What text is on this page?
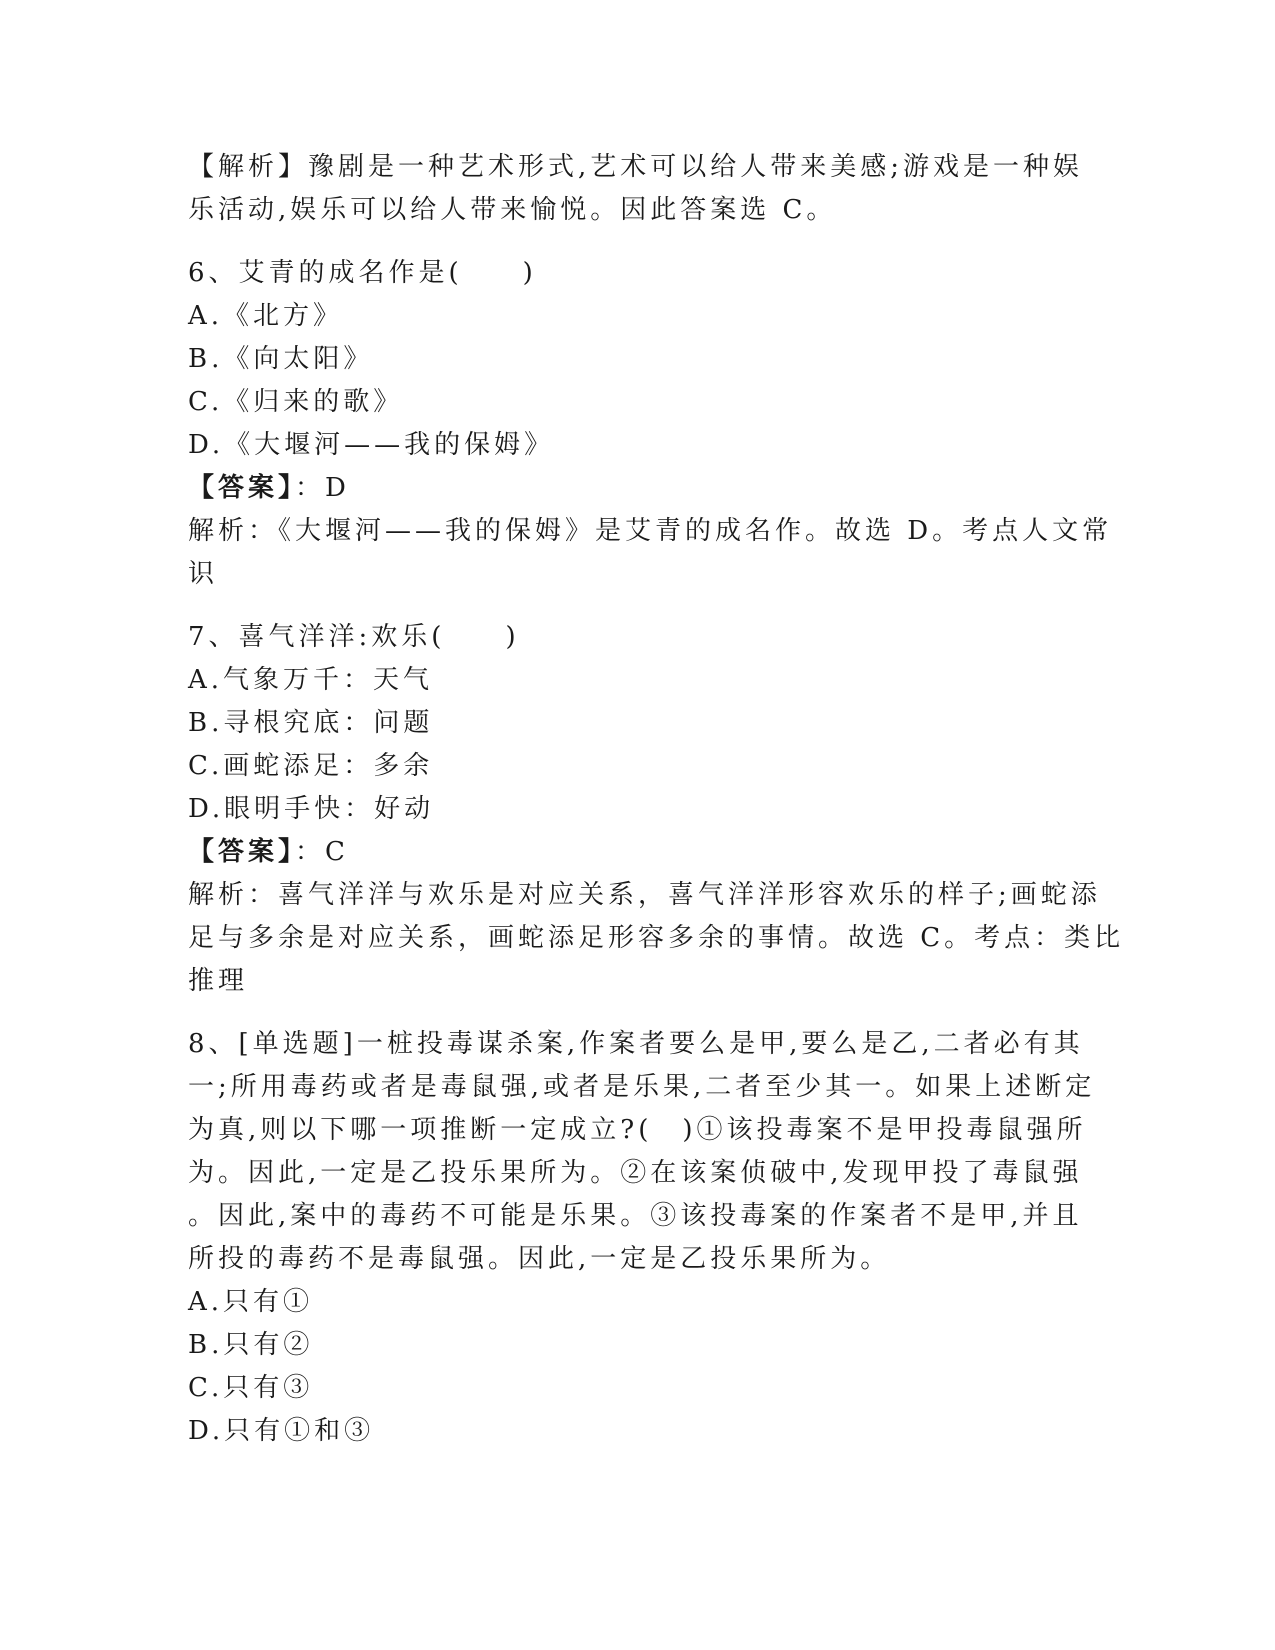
【解析】豫剧是一种艺术形式,艺术可以给人带来美感;游戏是一种娱
乐活动,娱乐可以给人带来愉悦。因此答案选 C。
6、艾青的成名作是(　　)
A.《北方》
B.《向太阳》
C.《归来的歌》
D.《大堰河——我的保姆》
【答案】：D
解析：《大堰河——我的保姆》是艾青的成名作。故选 D。考点人文常
识
7、喜气洋洋:欢乐(　　)
A.气象万千：天气
B.寻根究底：问题
C.画蛇添足：多余
D.眼明手快：好动
【答案】：C
解析：喜气洋洋与欢乐是对应关系，喜气洋洋形容欢乐的样子;画蛇添
足与多余是对应关系，画蛇添足形容多余的事情。故选 C。考点：类比
推理
8、[单选题]一桩投毒谋杀案,作案者要么是甲,要么是乙,二者必有其
一;所用毒药或者是毒鼠强,或者是乐果,二者至少其一。如果上述断定
为真,则以下哪一项推断一定成立?(　)①该投毒案不是甲投毒鼠强所
为。因此,一定是乙投乐果所为。②在该案侦破中,发现甲投了毒鼠强
。因此,案中的毒药不可能是乐果。③该投毒案的作案者不是甲,并且
所投的毒药不是毒鼠强。因此,一定是乙投乐果所为。
A.只有①
B.只有②
C.只有③
D.只有①和③
